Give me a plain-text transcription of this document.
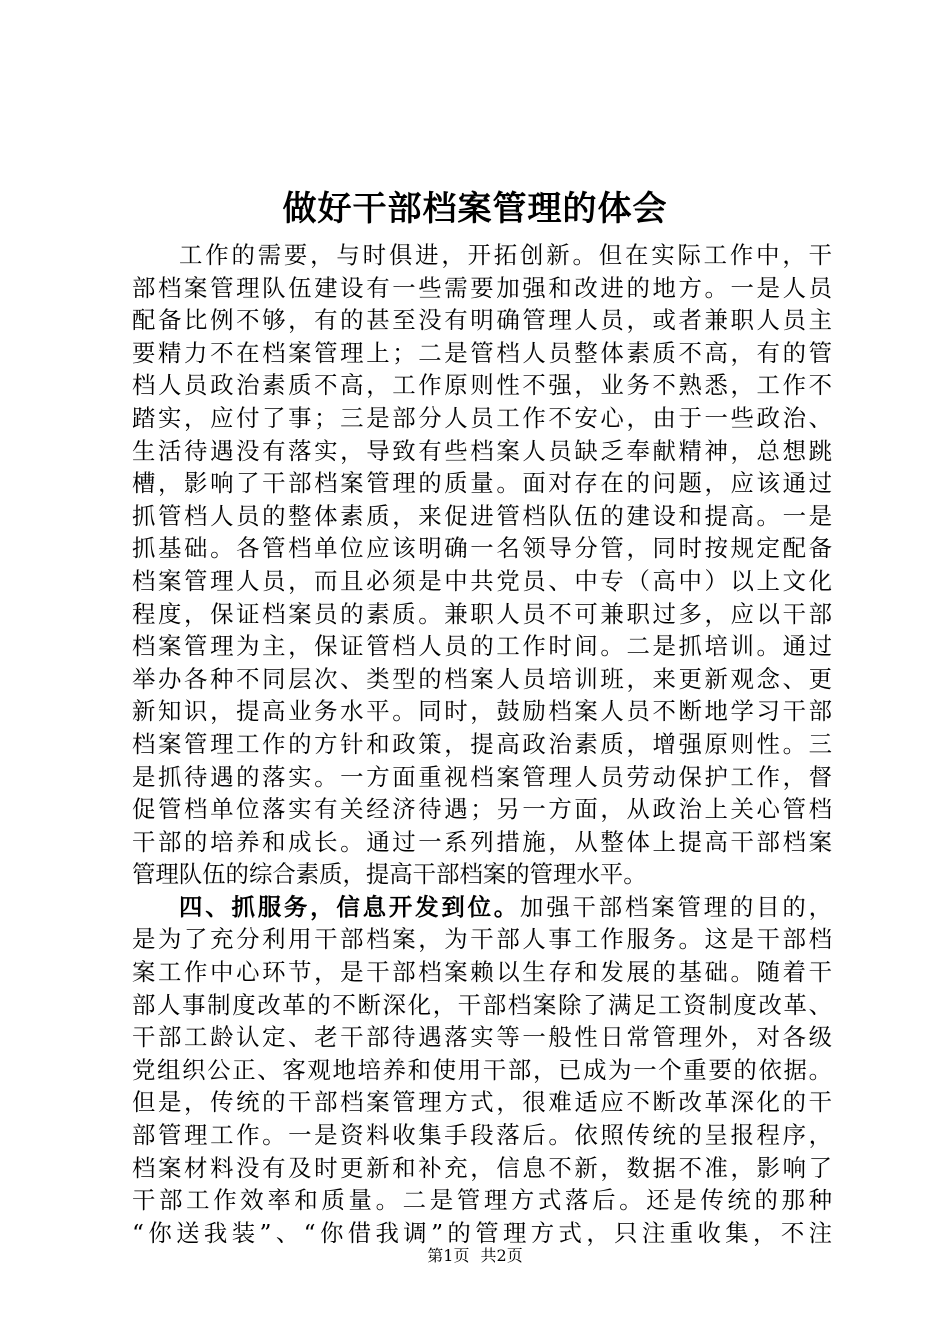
做好干部档案管理的体会
工作的需要，与时俱进，开拓创新。但在实际工作中，干
部档案管理队伍建设有一些需要加强和改进的地方。一是人员
配备比例不够，有的甚至没有明确管理人员，或者兼职人员主
要精力不在档案管理上；二是管档人员整体素质不高，有的管
档人员政治素质不高，工作原则性不强，业务不熟悉，工作不
踏实，应付了事；三是部分人员工作不安心，由于一些政治、
生活待遇没有落实，导致有些档案人员缺乏奉献精神，总想跳
槽，影响了干部档案管理的质量。面对存在的问题，应该通过
抓管档人员的整体素质，来促进管档队伍的建设和提高。一是
抓基础。各管档单位应该明确一名领导分管，同时按规定配备
档案管理人员，而且必须是中共党员、中专（高中）以上文化
程度，保证档案员的素质。兼职人员不可兼职过多，应以干部
档案管理为主，保证管档人员的工作时间。二是抓培训。通过
举办各种不同层次、类型的档案人员培训班，来更新观念、更
新知识，提高业务水平。同时，鼓励档案人员不断地学习干部
档案管理工作的方针和政策，提高政治素质，增强原则性。三
是抓待遇的落实。一方面重视档案管理人员劳动保护工作，督
促管档单位落实有关经济待遇；另一方面，从政治上关心管档
干部的培养和成长。通过一系列措施，从整体上提高干部档案
管理队伍的综合素质，提高干部档案的管理水平。
四、抓服务，信息开发到位。加强干部档案管理的目的，
是为了充分利用干部档案，为干部人事工作服务。这是干部档
案工作中心环节，是干部档案赖以生存和发展的基础。随着干
部人事制度改革的不断深化，干部档案除了满足工资制度改革、
干部工龄认定、老干部待遇落实等一般性日常管理外，对各级
党组织公正、客观地培养和使用干部，已成为一个重要的依据。
但是，传统的干部档案管理方式，很难适应不断改革深化的干
部管理工作。一是资料收集手段落后。依照传统的呈报程序，
档案材料没有及时更新和补充，信息不新，数据不准，影响了
干部工作效率和质量。二是管理方式落后。还是传统的那种
“你送我装”、“你借我调”的管理方式，只注重收集，不注
第1页 共2页
